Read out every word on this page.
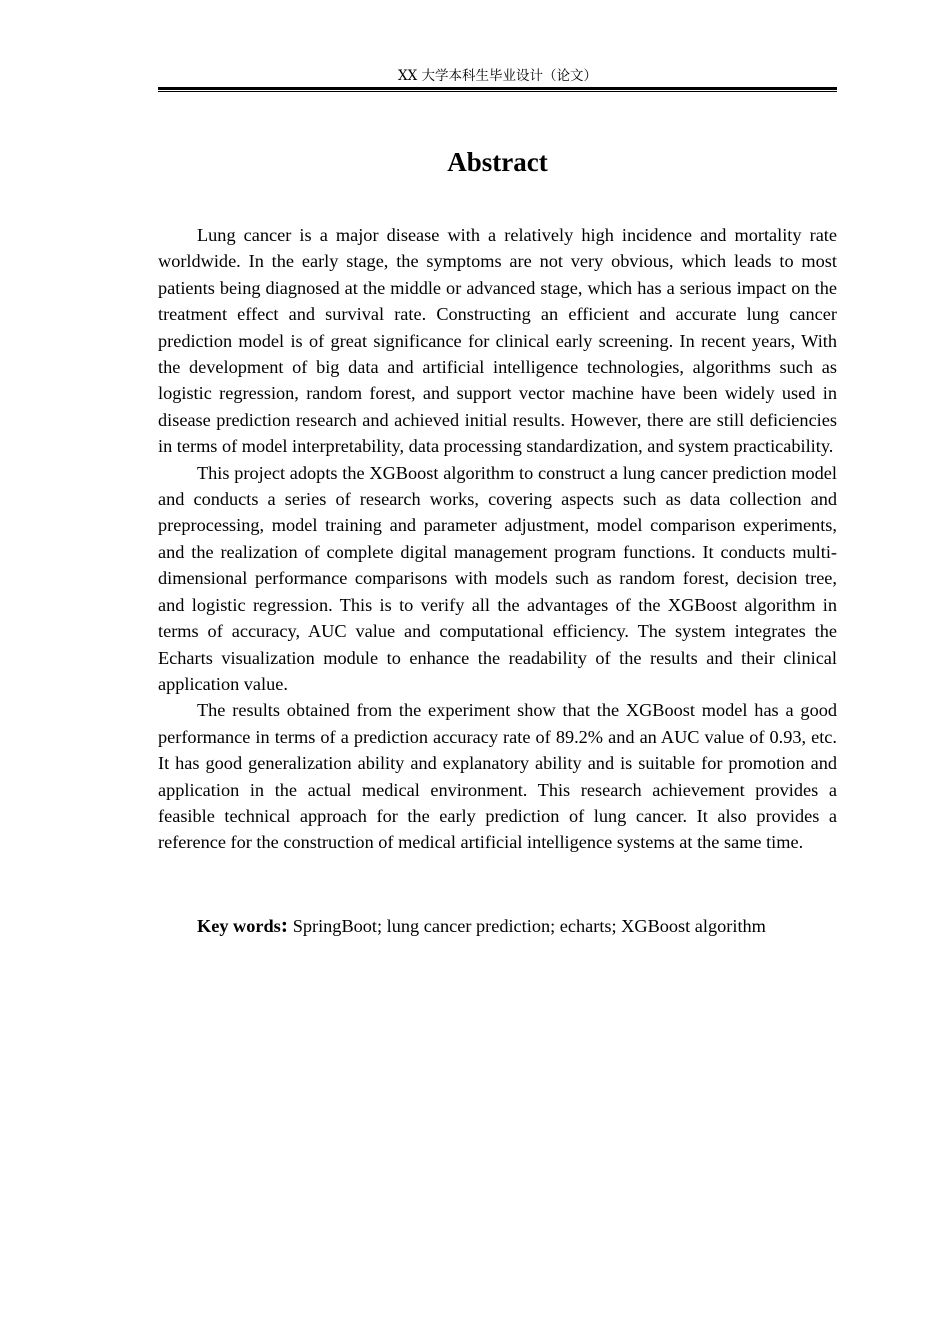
XX 大学本科生毕业设计（论文）
Abstract

Lung cancer is a major disease with a relatively high incidence and mortality rate worldwide. In the early stage, the symptoms are not very obvious, which leads to most patients being diagnosed at the middle or advanced stage, which has a serious impact on the treatment effect and survival rate. Constructing an efficient and accurate lung cancer prediction model is of great significance for clinical early screening. In recent years, With the development of big data and artificial intelligence technologies, algorithms such as logistic regression, random forest, and support vector machine have been widely used in disease prediction research and achieved initial results. However, there are still deficiencies in terms of model interpretability, data processing standardization, and system practicability.

This project adopts the XGBoost algorithm to construct a lung cancer prediction model and conducts a series of research works, covering aspects such as data collection and preprocessing, model training and parameter adjustment, model comparison experiments, and the realization of complete digital management program functions. It conducts multi-dimensional performance comparisons with models such as random forest, decision tree, and logistic regression. This is to verify all the advantages of the XGBoost algorithm in terms of accuracy, AUC value and computational efficiency. The system integrates the Echarts visualization module to enhance the readability of the results and their clinical application value.

The results obtained from the experiment show that the XGBoost model has a good performance in terms of a prediction accuracy rate of 89.2% and an AUC value of 0.93, etc. It has good generalization ability and explanatory ability and is suitable for promotion and application in the actual medical environment. This research achievement provides a feasible technical approach for the early prediction of lung cancer. It also provides a reference for the construction of medical artificial intelligence systems at the same time.

Key words: SpringBoot; lung cancer prediction; echarts; XGBoost algorithm
